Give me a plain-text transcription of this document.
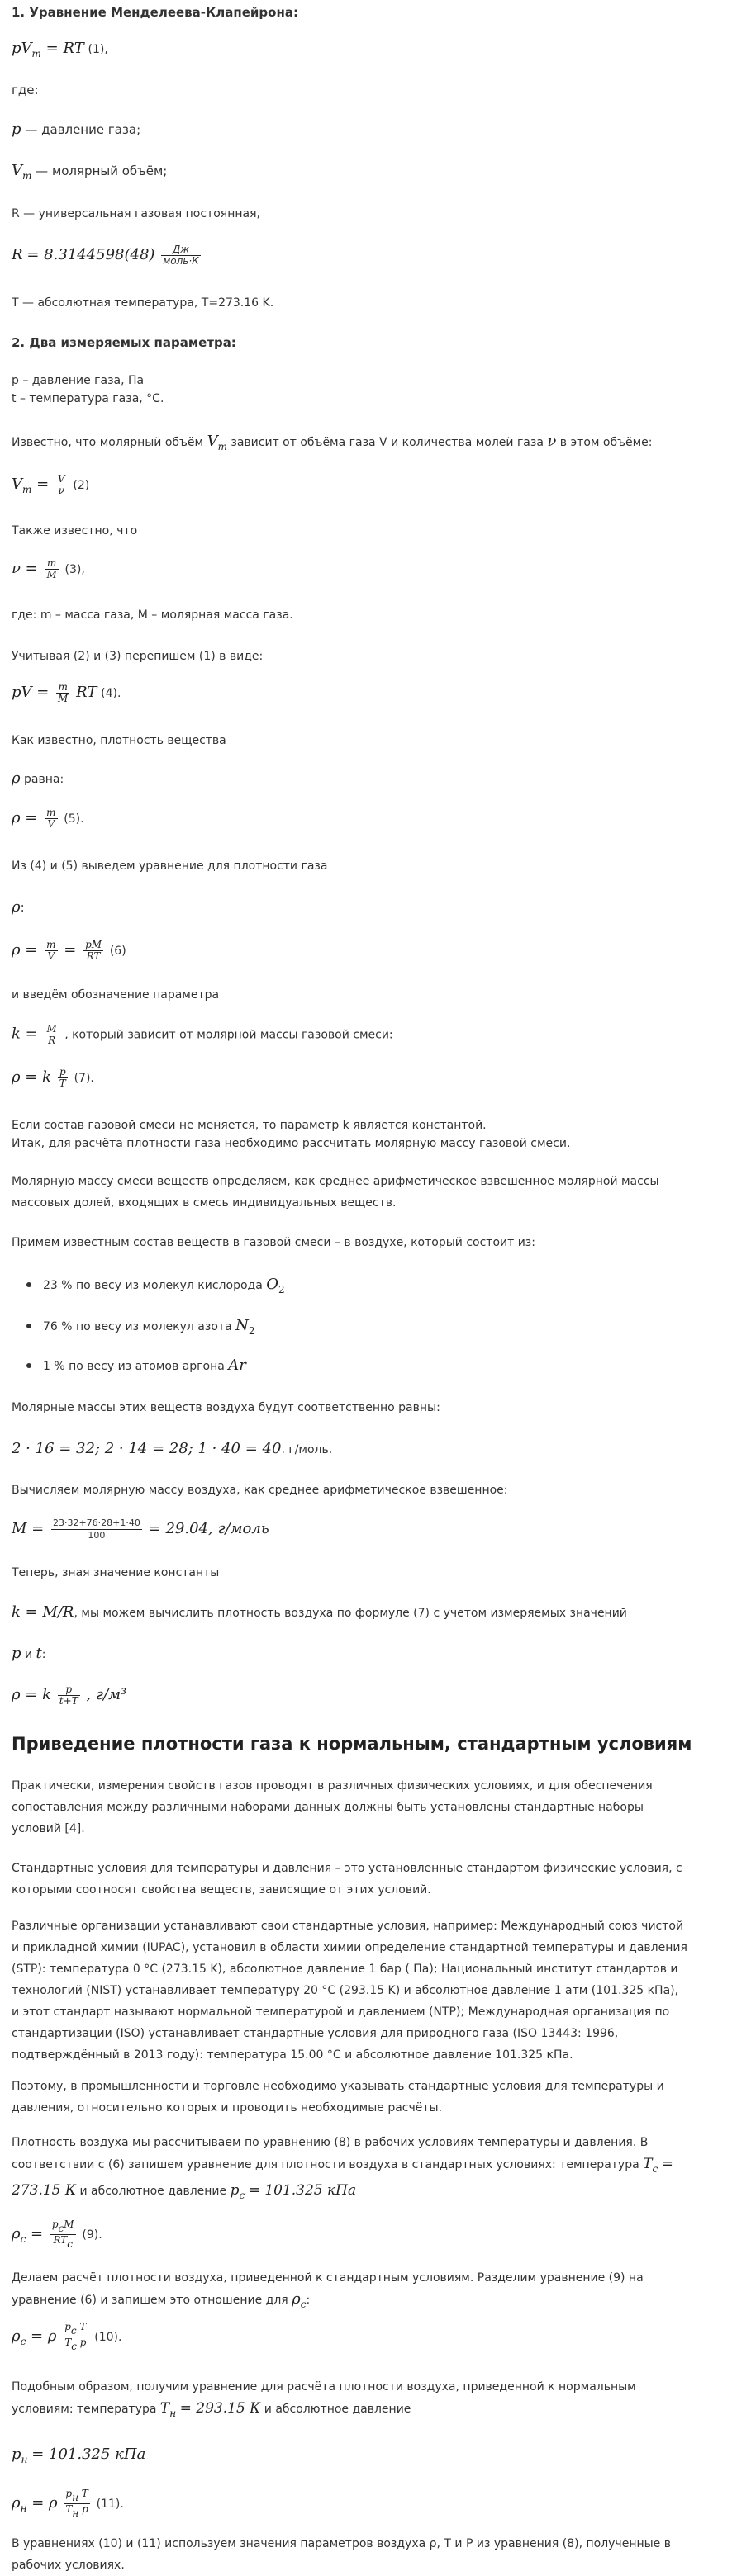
1. Уравнение Менделеева-Клапейрона:
$pV_m$ = RT (1),
где:
p — давление газа;
$V_m$ — молярный объём;
R — универсальная газовая постоянная,
$R = 8.3144598(48) \frac{Дж}{\text{моль·К}}$
T — абсолютная температура, T=273.16 K.
2. Два измеряемых параметра:
p – давление газа, Па
t – температура газа, °С.
Известно, что молярный объём $V_m$ зависит от объёма газа V и количества молей газа ν в этом объёме:
$V_m = \frac{V}{\nu} (2)$
Также известно, что
$\nu = \frac{m}{M} (3)$,
где: m – масса газа, М – молярная масса газа.
Учитывая (2) и (3) перепишем (1) в виде:
pV = $\frac{m}{M}$ RT (4).
Как известно, плотность вещества
ρ равна:
$\rho = \frac{m}{V} (5)$.
Из (4) и (5) выведем уравнение для плотности газа
ρ:
$\rho = \frac{m}{V} = \frac{pM}{RT} (6)$
и введём обозначение параметра
$k = \frac{M}{R}$ , который зависит от молярной массы газовой смеси:
ρ = k $\frac{p}{T} (7)$.
Если состав газовой смеси не меняется, то параметр k является константой.
Итак, для расчёта плотности газа необходимо рассчитать молярную массу газовой смеси.
Молярную массу смеси веществ определяем, как среднее арифметическое взвешенное молярной массы массовых долей, входящих в смесь индивидуальных веществ.
Примем известным состав веществ в газовой смеси – в воздухе, который состоит из:
23 % по весу из молекул кислорода $O_2$
76 % по весу из молекул азота $N_2$
1 % по весу из атомов аргона Ar
Молярные массы этих веществ воздуха будут соответственно равны:
2 · 16 = 32; 2 · 14 = 28; 1 · 40 = 40. г/моль.
Вычисляем молярную массу воздуха, как среднее арифметическое взвешенное:
$M = \frac{23\cdot 32+76\cdot 28+1\cdot 40}{100} = 29.04$, г/моль
Теперь, зная значение константы
k = M/R, мы можем вычислить плотность воздуха по формуле (7) с учетом измеряемых значений
p и t:
ρ = k $\frac{p}{t+T}$ , г/м³
Приведение плотности газа к нормальным, стандартным условиям
Практически, измерения свойств газов проводят в различных физических условиях, и для обеспечения сопоставления между различными наборами данных должны быть установлены стандартные наборы условий [4].
Стандартные условия для температуры и давления – это установленные стандартом физические условия, с которыми соотносят свойства веществ, зависящие от этих условий.
Различные организации устанавливают свои стандартные условия, например: Международный союз чистой и прикладной химии (IUPAC), установил в области химии определение стандартной температуры и давления (STP): температура 0 °C (273.15 K), абсолютное давление 1 бар ( Па); Национальный институт стандартов и технологий (NIST) устанавливает температуру 20 °C (293.15 K) и абсолютное давление 1 атм (101.325 кПа), и этот стандарт называют нормальной температурой и давлением (NTP); Международная организация по стандартизации (ISO) устанавливает стандартные условия для природного газа (ISO 13443: 1996, подтверждённый в 2013 году): температура 15.00 °C и абсолютное давление 101.325 кПа.
Поэтому, в промышленности и торговле необходимо указывать стандартные условия для температуры и давления, относительно которых и проводить необходимые расчёты.
Плотность воздуха мы рассчитываем по уравнению (8) в рабочих условиях температуры и давления. В соответствии с (6) запишем уравнение для плотности воздуха в стандартных условиях: температура $T_c = 273.15$ К и абсолютное давление $p_c = 101.325$ кПа
$\rho_c = \frac{\text{pcM}}{\text{RTc}} (9)$.
Делаем расчёт плотности воздуха, приведенной к стандартным условиям. Разделим уравнение (9) на уравнение (6) и запишем это отношение для $\rho_c$:
$\rho_c = \rho \frac{\text{pc T}}{\text{Tc p}} (10)$.
Подобным образом, получим уравнение для расчёта плотности воздуха, приведенной к нормальным условиям: температура $T_н = 293.15$ К и абсолютное давление
$p_н = 101.325$ кПа
$\rho_н = \rho \frac{\text{pн T}}{\text{Tн p}} (11)$.
В уравнениях (10) и (11) используем значения параметров воздуха ρ, T и P из уравнения (8), полученные в рабочих условиях.
